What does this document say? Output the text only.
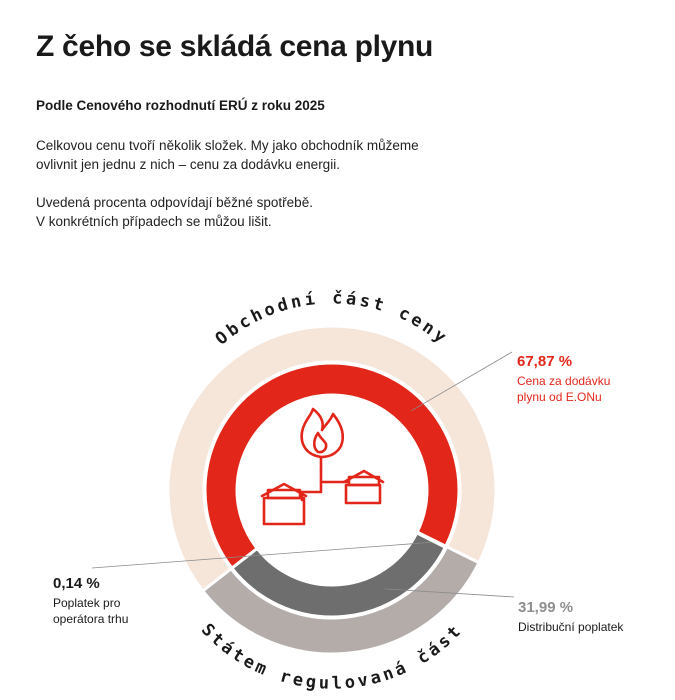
Z čeho se skládá cena plynu

Podle Cenového rozhodnutí ERÚ z roku 2025

Celkovou cenu tvoří několik složek. My jako obchodník můžeme
ovlivnit jen jednu z nich – cenu za dodávku energii.

Uvedená procenta odpovídají běžné spotřebě.
V konkrétních případech se můžou lišit.

Obchodní část ceny
Státem regulovaná část
67,87 %
Cena za dodávku
plynu od E.ONu
0,14 %
Poplatek pro
operátora trhu
31,99 %
Distribuční poplatek
